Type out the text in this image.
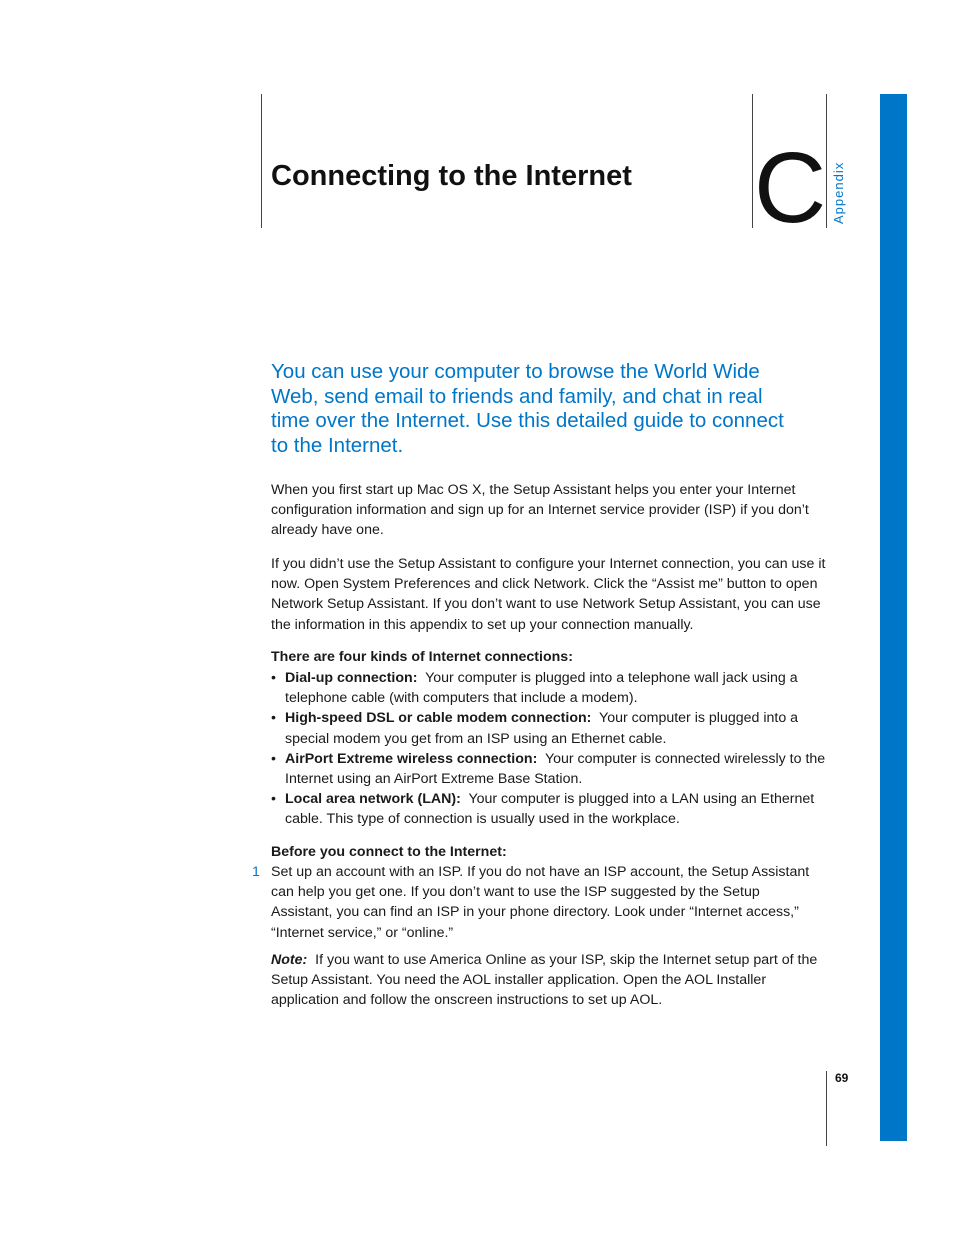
Connecting to the Internet C Appendix
You can use your computer to browse the World Wide Web, send email to friends and family, and chat in real time over the Internet. Use this detailed guide to connect to the Internet.
When you first start up Mac OS X, the Setup Assistant helps you enter your Internet configuration information and sign up for an Internet service provider (ISP) if you don’t already have one.
If you didn’t use the Setup Assistant to configure your Internet connection, you can use it now. Open System Preferences and click Network. Click the “Assist me” button to open Network Setup Assistant. If you don’t want to use Network Setup Assistant, you can use the information in this appendix to set up your connection manually.
There are four kinds of Internet connections:
• Dial-up connection: Your computer is plugged into a telephone wall jack using a telephone cable (with computers that include a modem).
• High-speed DSL or cable modem connection: Your computer is plugged into a special modem you get from an ISP using an Ethernet cable.
• AirPort Extreme wireless connection: Your computer is connected wirelessly to the Internet using an AirPort Extreme Base Station.
• Local area network (LAN): Your computer is plugged into a LAN using an Ethernet cable. This type of connection is usually used in the workplace.
Before you connect to the Internet:
1 Set up an account with an ISP. If you do not have an ISP account, the Setup Assistant can help you get one. If you don’t want to use the ISP suggested by the Setup Assistant, you can find an ISP in your phone directory. Look under “Internet access,” “Internet service,” or “online.”
Note: If you want to use America Online as your ISP, skip the Internet setup part of the Setup Assistant. You need the AOL installer application. Open the AOL Installer application and follow the onscreen instructions to set up AOL.
69
